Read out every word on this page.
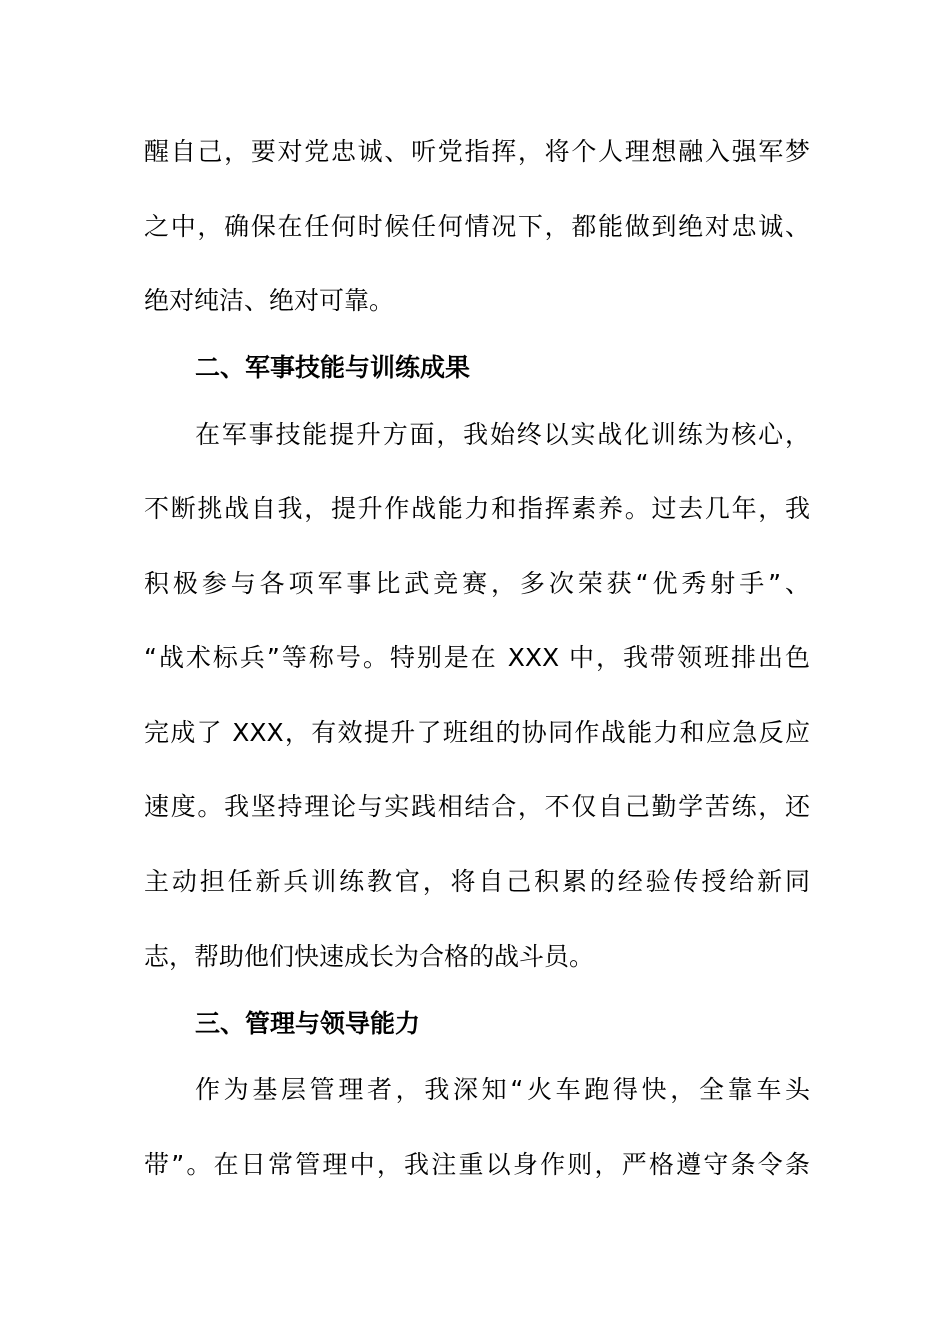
醒自己，要对党忠诚、听党指挥，将个人理想融入强军梦
之中，确保在任何时候任何情况下，都能做到绝对忠诚、
绝对纯洁、绝对可靠。
二、军事技能与训练成果
在军事技能提升方面，我始终以实战化训练为核心，
不断挑战自我，提升作战能力和指挥素养。过去几年，我
积极参与各项军事比武竞赛，多次荣获“优秀射手”、
“战术标兵”等称号。特别是在 XXX 中，我带领班排出色
完成了 XXX，有效提升了班组的协同作战能力和应急反应
速度。我坚持理论与实践相结合，不仅自己勤学苦练，还
主动担任新兵训练教官，将自己积累的经验传授给新同
志，帮助他们快速成长为合格的战斗员。
三、管理与领导能力
作为基层管理者，我深知“火车跑得快，全靠车头
带”。在日常管理中，我注重以身作则，严格遵守条令条
